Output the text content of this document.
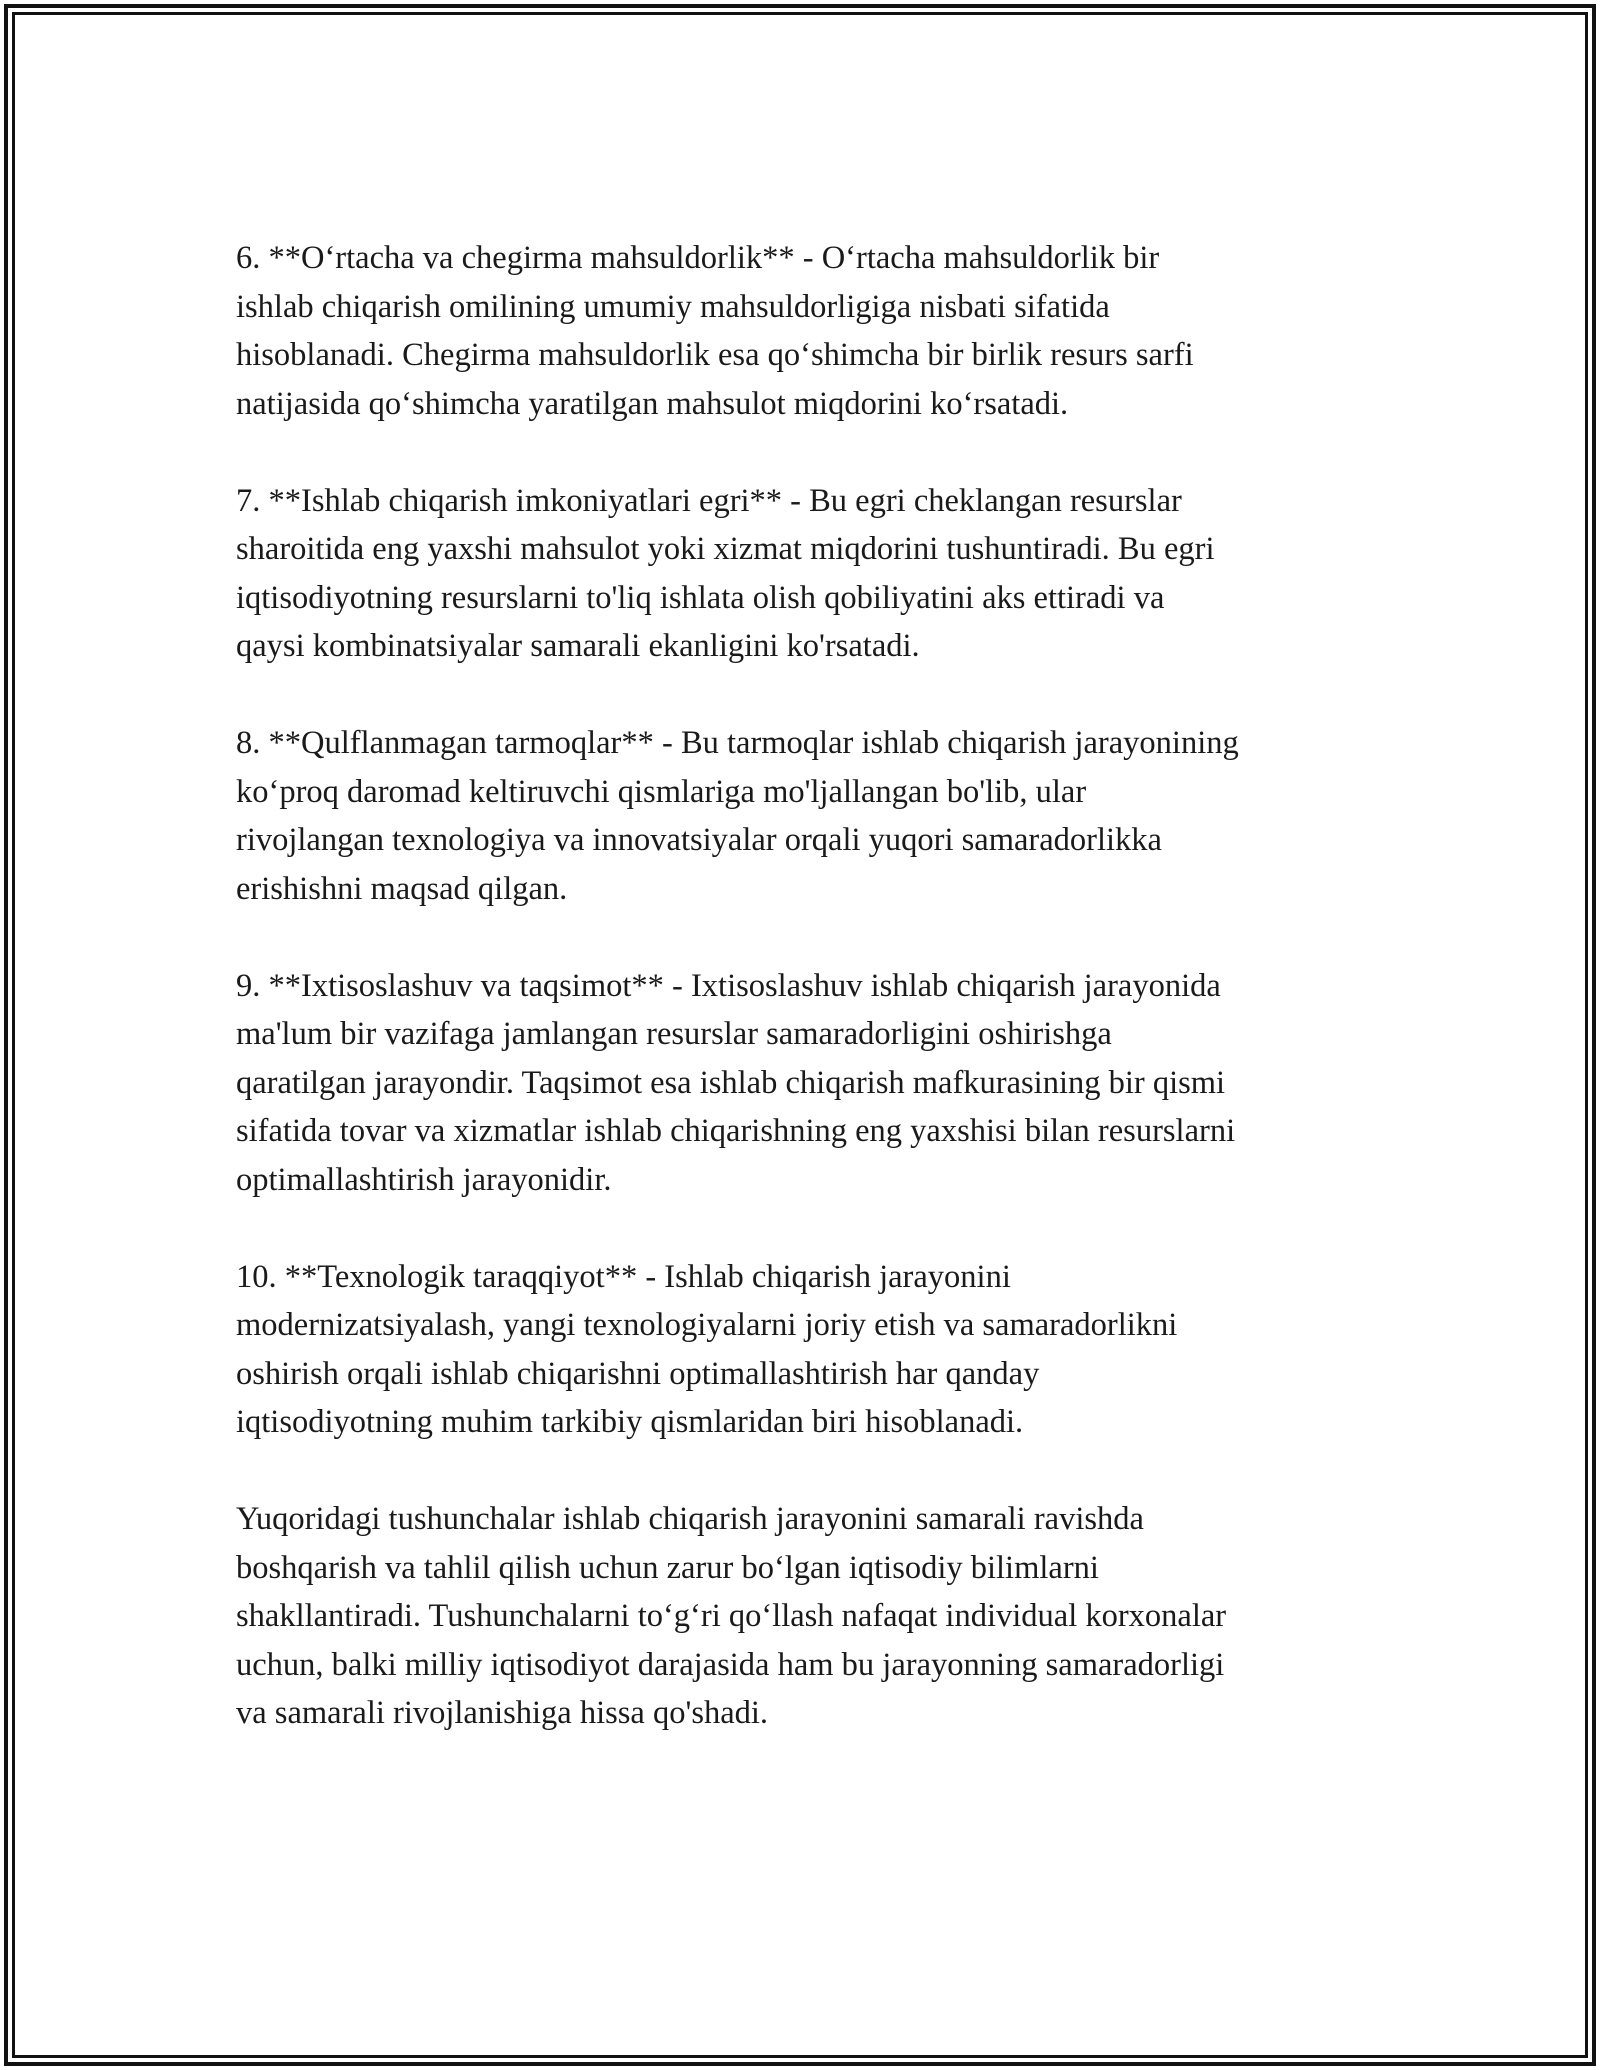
6. **O‘rtacha va chegirma mahsuldorlik** - O‘rtacha mahsuldorlik bir
ishlab chiqarish omilining umumiy mahsuldorligiga nisbati sifatida
hisoblanadi. Chegirma mahsuldorlik esa qo‘shimcha bir birlik resurs sarfi
natijasida qo‘shimcha yaratilgan mahsulot miqdorini ko‘rsatadi.

7. **Ishlab chiqarish imkoniyatlari egri** - Bu egri cheklangan resurslar
sharoitida eng yaxshi mahsulot yoki xizmat miqdorini tushuntiradi. Bu egri
iqtisodiyotning resurslarni to'liq ishlata olish qobiliyatini aks ettiradi va
qaysi kombinatsiyalar samarali ekanligini ko'rsatadi.

8. **Qulflanmagan tarmoqlar** - Bu tarmoqlar ishlab chiqarish jarayonining
ko‘proq daromad keltiruvchi qismlariga mo'ljallangan bo'lib, ular
rivojlangan texnologiya va innovatsiyalar orqali yuqori samaradorlikka
erishishni maqsad qilgan.

9. **Ixtisoslashuv va taqsimot** - Ixtisoslashuv ishlab chiqarish jarayonida
ma'lum bir vazifaga jamlangan resurslar samaradorligini oshirishga
qaratilgan jarayondir. Taqsimot esa ishlab chiqarish mafkurasining bir qismi
sifatida tovar va xizmatlar ishlab chiqarishning eng yaxshisi bilan resurslarni
optimallashtirish jarayonidir.

10. **Texnologik taraqqiyot** - Ishlab chiqarish jarayonini
modernizatsiyalash, yangi texnologiyalarni joriy etish va samaradorlikni
oshirish orqali ishlab chiqarishni optimallashtirish har qanday
iqtisodiyotning muhim tarkibiy qismlaridan biri hisoblanadi.

Yuqoridagi tushunchalar ishlab chiqarish jarayonini samarali ravishda
boshqarish va tahlil qilish uchun zarur bo‘lgan iqtisodiy bilimlarni
shakllantiradi. Tushunchalarni to‘g‘ri qo‘llash nafaqat individual korxonalar
uchun, balki milliy iqtisodiyot darajasida ham bu jarayonning samaradorligi
va samarali rivojlanishiga hissa qo'shadi.
